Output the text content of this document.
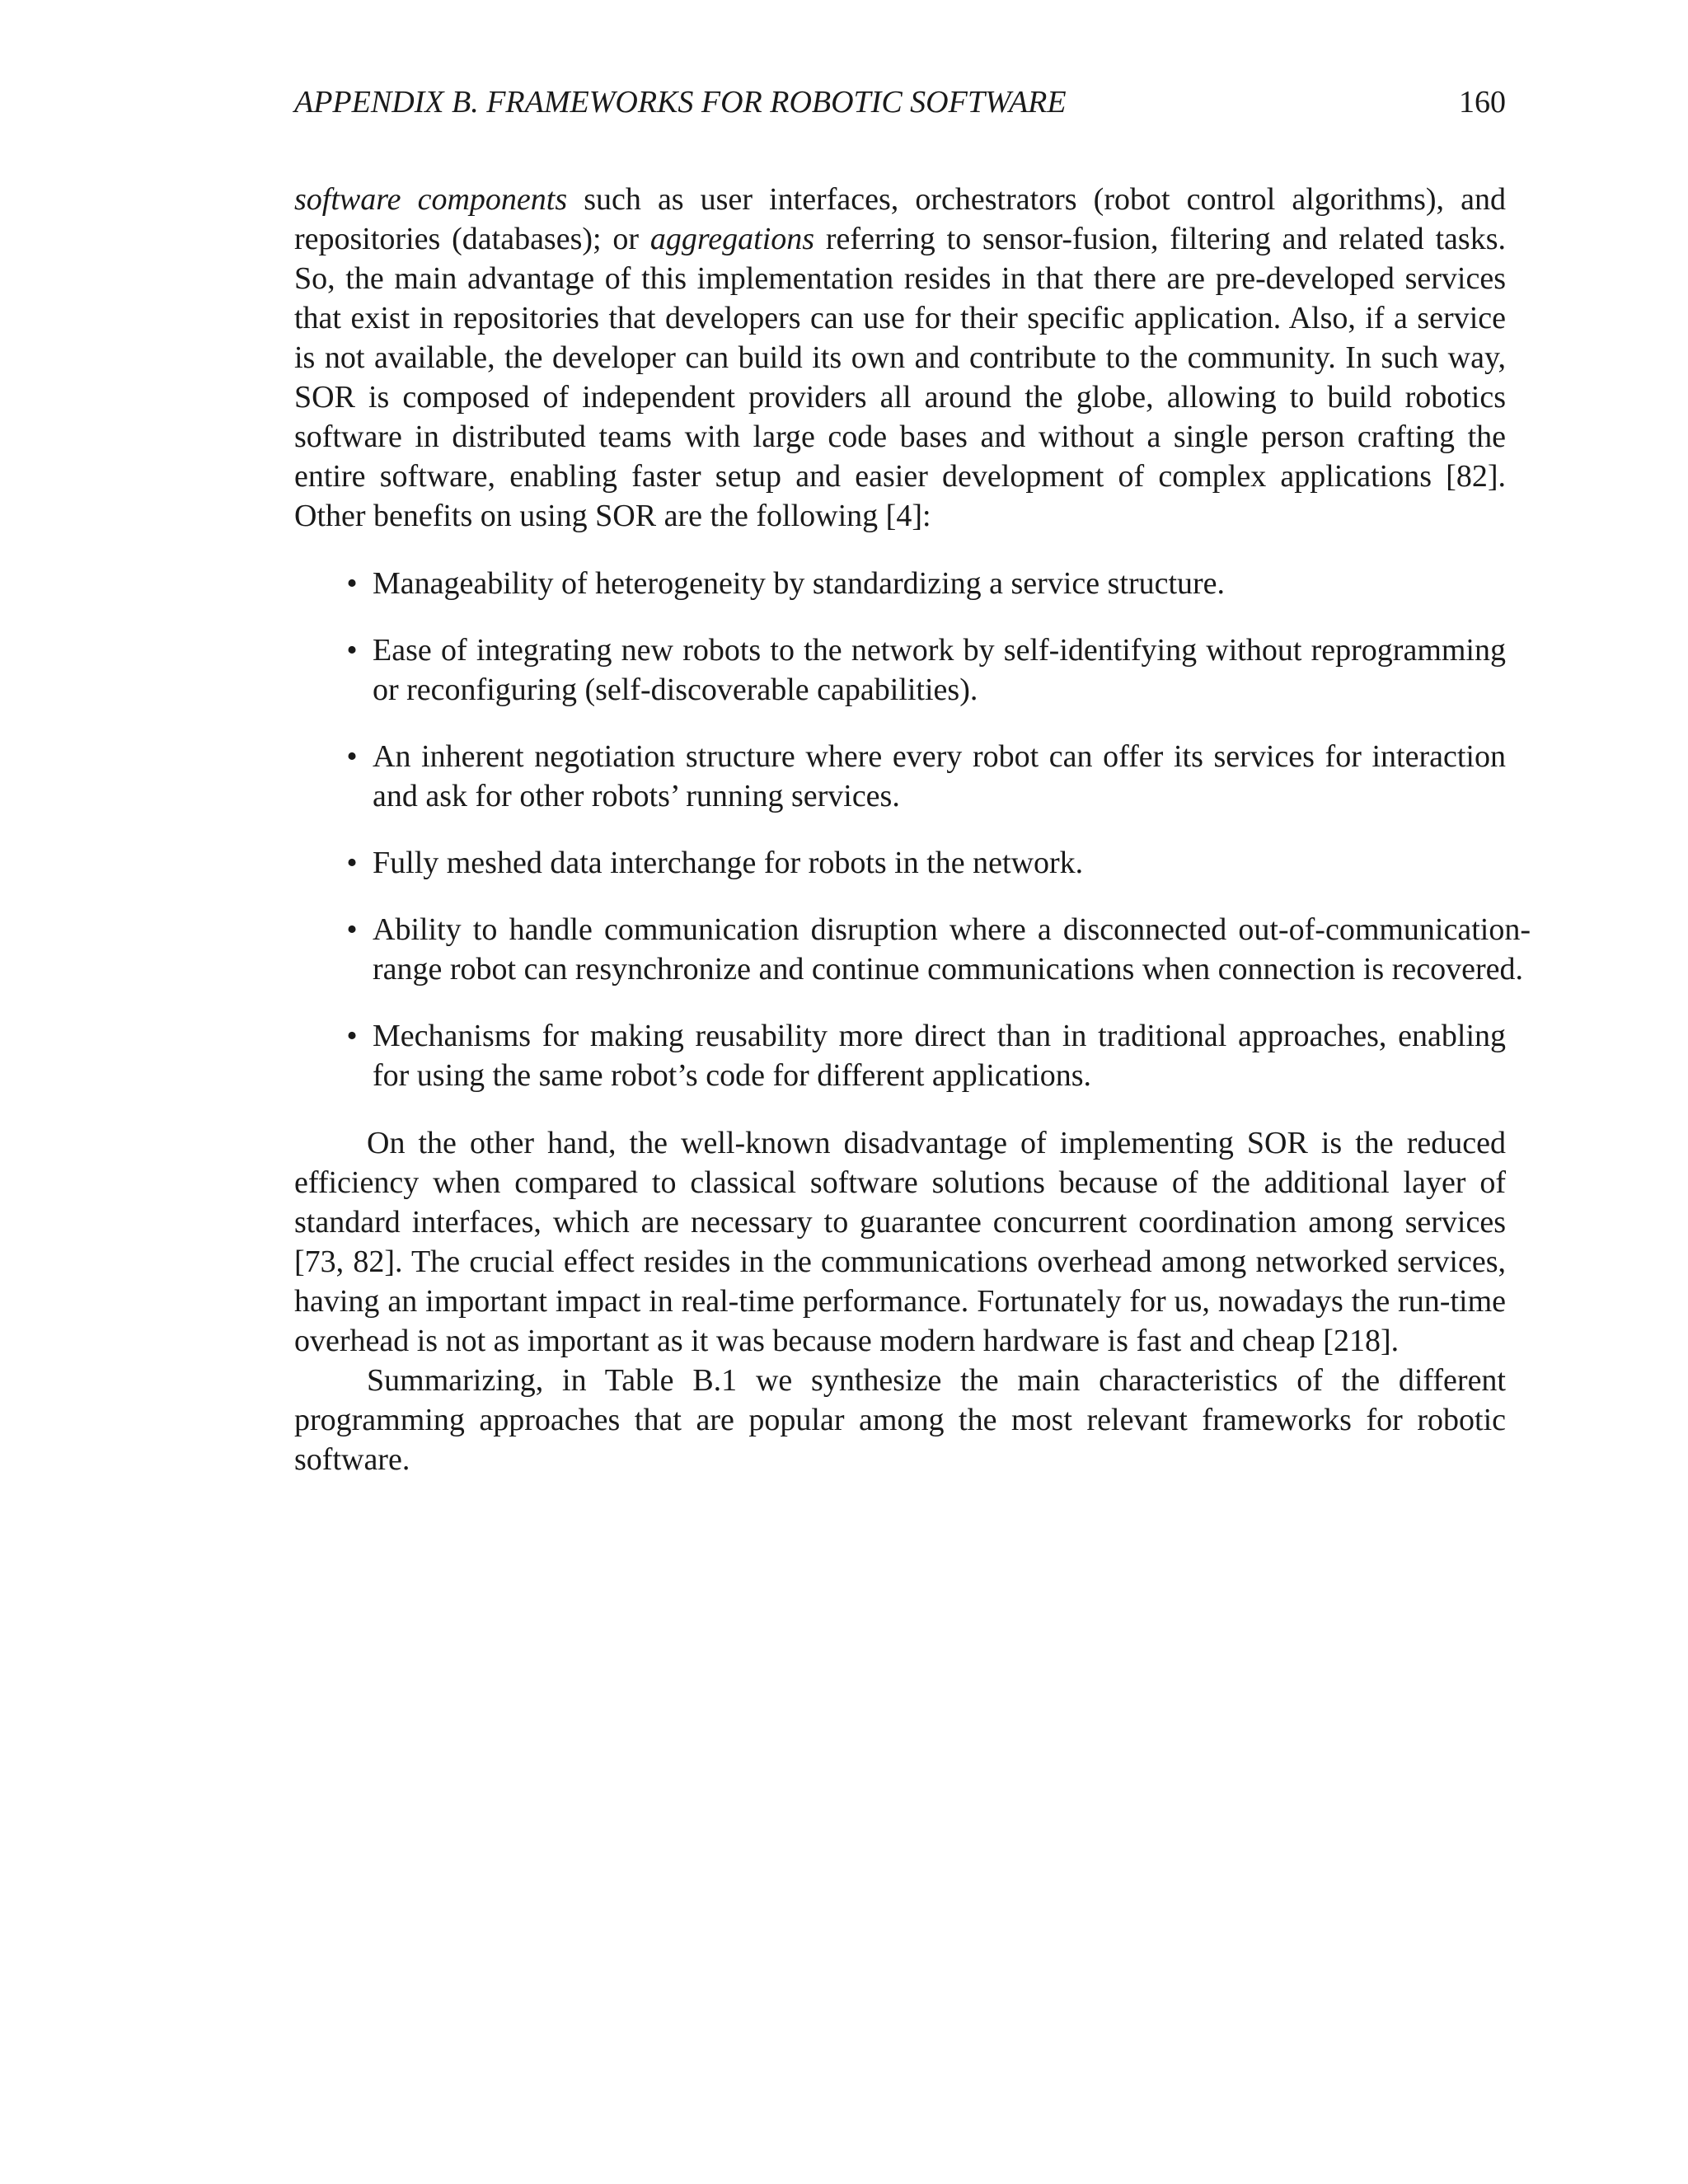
APPENDIX B. FRAMEWORKS FOR ROBOTIC SOFTWARE	160

software components such as user interfaces, orchestrators (robot control algorithms), and repositories (databases); or aggregations referring to sensor-fusion, filtering and related tasks. So, the main advantage of this implementation resides in that there are pre-developed services that exist in repositories that developers can use for their specific application. Also, if a service is not available, the developer can build its own and contribute to the community. In such way, SOR is composed of independent providers all around the globe, allowing to build robotics software in distributed teams with large code bases and without a single person crafting the entire software, enabling faster setup and easier development of complex applications [82]. Other benefits on using SOR are the following [4]:

• Manageability of heterogeneity by standardizing a service structure.
• Ease of integrating new robots to the network by self-identifying without reprogramming or reconfiguring (self-discoverable capabilities).
• An inherent negotiation structure where every robot can offer its services for interaction and ask for other robots’ running services.
• Fully meshed data interchange for robots in the network.
• Ability to handle communication disruption where a disconnected out-of-communication-range robot can resynchronize and continue communications when connection is recovered.
• Mechanisms for making reusability more direct than in traditional approaches, enabling for using the same robot’s code for different applications.

On the other hand, the well-known disadvantage of implementing SOR is the reduced efficiency when compared to classical software solutions because of the additional layer of standard interfaces, which are necessary to guarantee concurrent coordination among services [73, 82]. The crucial effect resides in the communications overhead among networked services, having an important impact in real-time performance. Fortunately for us, nowadays the run-time overhead is not as important as it was because modern hardware is fast and cheap [218].

Summarizing, in Table B.1 we synthesize the main characteristics of the different programming approaches that are popular among the most relevant frameworks for robotic software.
